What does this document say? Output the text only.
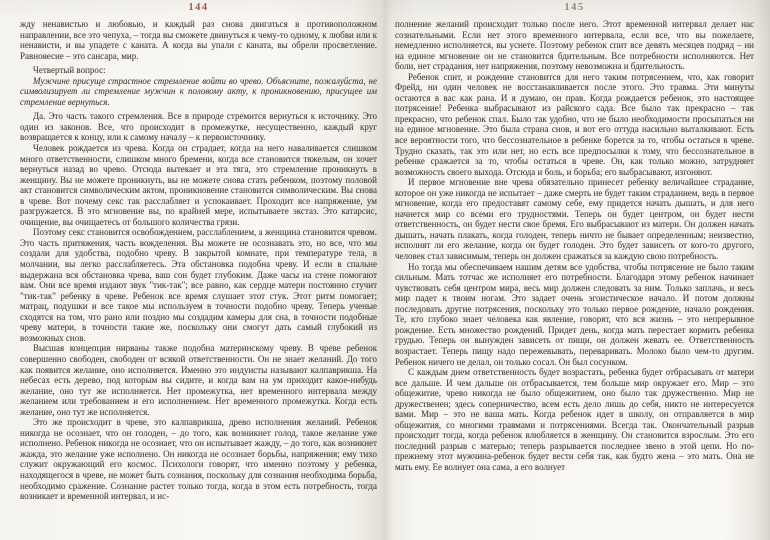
144

жду ненавистью и любовью, и каждый раз снова двигаться в противоположном направлении, все это чепуха, – тогда вы сможете двинуться к чему-то одному, к любви или к ненависти, и вы упадете с каната. А когда вы упали с каната, вы обрели просветление. Равновесие – это сансара, мир.

Четвертый вопрос:

Мужчине присуще страстное стремление войти во чрево. Объясните, пожалуйста, не символизирует ли стремление мужчин к половому акту, к проникновению, присущее им стремление вернуться.

Да. Это часть такого стремления. Все в природе стремится вернуться к источнику. Это один из законов. Все, что происходит в промежутке, несущественно, каждый круг возвращается к концу, или к самому началу – к первоисточнику.

Человек рождается из чрева. Когда он страдает, когда на него наваливается слишком много ответственности, слишком много бремени, когда все становится тяжелым, он хочет вернуться назад во чрево. Отсюда вытекает и эта тяга, это стремление проникнуть в женщину. Вы не можете проникнуть, вы не можете снова стать ребенком, поэтому половой акт становится символическим актом, проникновение становится символическим. Вы снова в чреве. Вот почему секс так расслабляет и успокаивает. Проходит все напряжение, ум разгружается. В это мгновение вы, по крайней мере, испытываете экстаз. Это катарсис, очищение, вы очищаетесь от большого количества грязи.

Поэтому секс становится освобождением, расслаблением, а женщина становится чревом. Это часть притяжения, часть вожделения. Вы можете не осознавать это, но все, что мы создали для удобства, подобно чреву. В закрытой комнате, при температуре тела, в молчании, вы легко расслабляетесь. Эта обстановка подобна чреву. И если в спальне выдержана вся обстановка чрева, ваш сон будет глубоким. Даже часы на стене помогают вам. Они все время издают звук "тик-так"; все равно, как сердце матери постоянно стучит "тик-так" ребенку в чреве. Ребенок все время слушает этот стук. Этот ритм помогает; матрац, подушки и все такое мы используем в точности подобно чреву. Теперь ученые сходятся на том, что рано или поздно мы создадим камеры для сна, в точности подобные чреву матери, в точности такие же, поскольку они смогут дать самый глубокий из возможных снов.

Высшая концепция нирваны также подобна материнскому чреву. В чреве ребенок совершенно свободен, свободен от всякой ответственности. Он не знает желаний. До того как появится желание, оно исполняется. Именно это индуисты называют калпаврикша. На небесах есть дерево, под которым вы сидите, и когда вам на ум приходит какое-нибудь желание, оно тут же исполняется. Нет промежутка, нет временного интервала между желанием или требованием и его исполнением. Нет временного промежутка. Когда есть желание, оно тут же исполняется.

Это же происходит в чреве, это калпаврикша, древо исполнения желаний. Ребенок никогда не осознает, что он голоден, – до того, как возникнет голод, такое желание уже исполнено. Ребенок никогда не осознает, что он испытывает жажду, – до того, как возникнет жажда, это желание уже исполнено. Он никогда не осознает борьбы, напряжения; ему тихо служит окружающий его космос. Психологи говорят, что именно поэтому у ребенка, находящегося в чреве, не может быть сознания, поскольку для сознания необходима борьба, необходимо сражение. Сознание растет только тогда, когда в этом есть потребность, тогда возникает и временной интервал, и ис-

145

полнение желаний происходит только после него. Этот временной интервал делает нас сознательными. Если нет этого временного интервала, если все, что вы пожелаете, немедленно исполняется, вы уснете. Поэтому ребенок спит все девять месяцев подряд – ни на единое мгновение он не становится бдительным. Все потребности исполняются. Нет боли, нет страдания, нет напряжения, поэтому невозможна и бдительность.

Ребенок спит, и рождение становится для него таким потрясением, что, как говорит Фрейд, ни один человек не восстанавливается после этого. Это травма. Эти минуты остаются в вас как рана. И я думаю, он прав. Когда рождается ребенок, это настоящее потрясение! Ребенка выбрасывают из райского сада. Все было так прекрасно – так прекрасно, что ребенок спал. Было так удобно, что не было необходимости просыпаться ни на единое мгновение. Это была страна снов, и вот его оттуда насильно выталкивают. Есть все вероятности того, что бессознательное в ребенке борется за то, чтобы остаться в чреве. Трудно сказать, так это или нет, но есть все предпосылки к тому, что бессознательное в ребенке сражается за то, чтобы остаться в чреве. Он, как только можно, затрудняет возможность своего выхода. Отсюда и боль, и борьба; его выбрасывают, изгоняют.

И первое мгновение вне чрева обязательно принесет ребенку величайшее страдание, которое он уже никогда не испытает – даже смерть не будет таким страданием, ведь в первое мгновение, когда его предоставят самому себе, ему придется начать дышать, и для него начнется мир со всеми его трудностями. Теперь он будет центром, он будет нести ответственность, он будет нести свое бремя. Его выбрасывают из матери. Он должен начать дышать, начать плакать, когда голоден, теперь ничто не бывает определенным; неизвестно, исполнят ли его желание, когда он будет голоден. Это будет зависеть от кого-то другого, человек стал зависимым, теперь он должен сражаться за каждую свою потребность.

Но тогда мы обеспечиваем нашим детям все удобства, чтобы потрясение не было таким сильным. Мать тотчас же исполняет его потребности. Благодаря этому ребенок начинает чувствовать себя центром мира, весь мир должен следовать за ним. Только заплачь, и весь мир падет к твоим ногам. Это задает очень эгоистическое начало. И потом должны последовать другие потрясения, поскольку это только первое рождение, начало рождения. Те, кто глубоко знает человека как явление, говорят, что вся жизнь – это непрерывное рождение. Есть множество рождений. Придет день, когда мать перестает кормить ребенка грудью. Теперь он вынужден зависеть от пищи, он должен жевать ее. Ответственность возрастает. Теперь пищу надо пережевывать, переваривать. Молоко было чем-то другим. Ребенок ничего не делал, он только сосал. Он был сосунком.

С каждым днем ответственность будет возрастать, ребенка будет отбрасывать от матери все дальше. И чем дальше он отбрасывается, тем больше мир окружает его. Мир – это общежитие, чрево никогда не было общежитием, оно было так дружественно. Мир не дружественен; здесь соперничество, всем есть дело лишь до себя, никто не интересуется вами. Мир – это не ваша мать. Когда ребенок идет в школу, он отправляется в мир общежития, со многими травмами и потрясениями. Всегда так. Окончательный разрыв происходит тогда, когда ребенок влюбляется в женщину. Он становится взрослым. Это его последний разрыв с матерью; теперь разрывается последнее звено в этой цепи. Но по-прежнему этот мужчина-ребенок будет вести себя так, как будто жена – это мать. Она не мать ему. Ее волнует она сама, а его волнует
